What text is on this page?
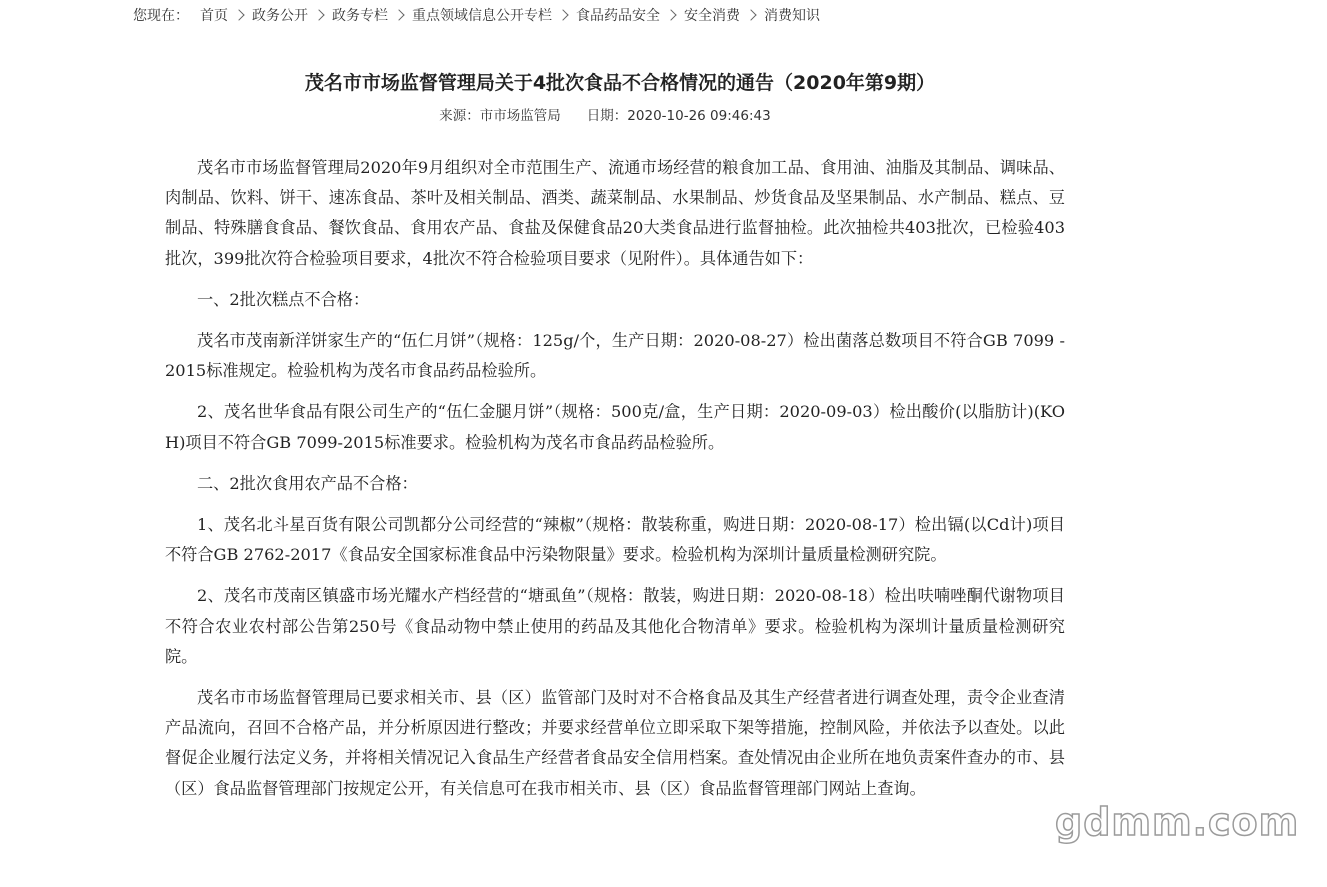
您现在： 首页 政务公开 政务专栏 重点领域信息公开专栏 食品药品安全 安全消费 消费知识
茂名市市场监督管理局关于4批次食品不合格情况的通告（2020年第9期）
来源：市市场监管局 日期：2020-10-26 09:46:43

茂名市市场监督管理局2020年9月组织对全市范围生产、流通市场经营的粮食加工品、食用油、油脂及其制品、调味品、肉制品、饮料、饼干、速冻食品、茶叶及相关制品、酒类、蔬菜制品、水果制品、炒货食品及坚果制品、水产制品、糕点、豆制品、特殊膳食食品、餐饮食品、食用农产品、食盐及保健食品20大类食品进行监督抽检。此次抽检共403批次，已检验403批次，399批次符合检验项目要求，4批次不符合检验项目要求（见附件）。具体通告如下：

一、2批次糕点不合格：

茂名市茂南新洋饼家生产的“伍仁月饼”（规格：125g/个，生产日期：2020-08-27）检出菌落总数项目不符合GB 7099 -2015标准规定。检验机构为茂名市食品药品检验所。

2、茂名世华食品有限公司生产的“伍仁金腿月饼”（规格：500克/盒，生产日期：2020-09-03）检出酸价(以脂肪计)(KOH)项目不符合GB 7099-2015标准要求。检验机构为茂名市食品药品检验所。

二、2批次食用农产品不合格：

1、茂名北斗星百货有限公司凯都分公司经营的“辣椒”（规格：散装称重，购进日期：2020-08-17）检出镉(以Cd计)项目不符合GB 2762-2017《食品安全国家标准食品中污染物限量》要求。检验机构为深圳计量质量检测研究院。

2、茂名市茂南区镇盛市场光耀水产档经营的“塘虱鱼”（规格：散装，购进日期：2020-08-18）检出呋喃唑酮代谢物项目不符合农业农村部公告第250号《食品动物中禁止使用的药品及其他化合物清单》要求。检验机构为深圳计量质量检测研究院。

茂名市市场监督管理局已要求相关市、县（区）监管部门及时对不合格食品及其生产经营者进行调查处理，责令企业查清产品流向，召回不合格产品，并分析原因进行整改；并要求经营单位立即采取下架等措施，控制风险，并依法予以查处。以此督促企业履行法定义务，并将相关情况记入食品生产经营者食品安全信用档案。查处情况由企业所在地负责案件查办的市、县（区）食品监督管理部门按规定公开，有关信息可在我市相关市、县（区）食品监督管理部门网站上查询。

gdmm.com
